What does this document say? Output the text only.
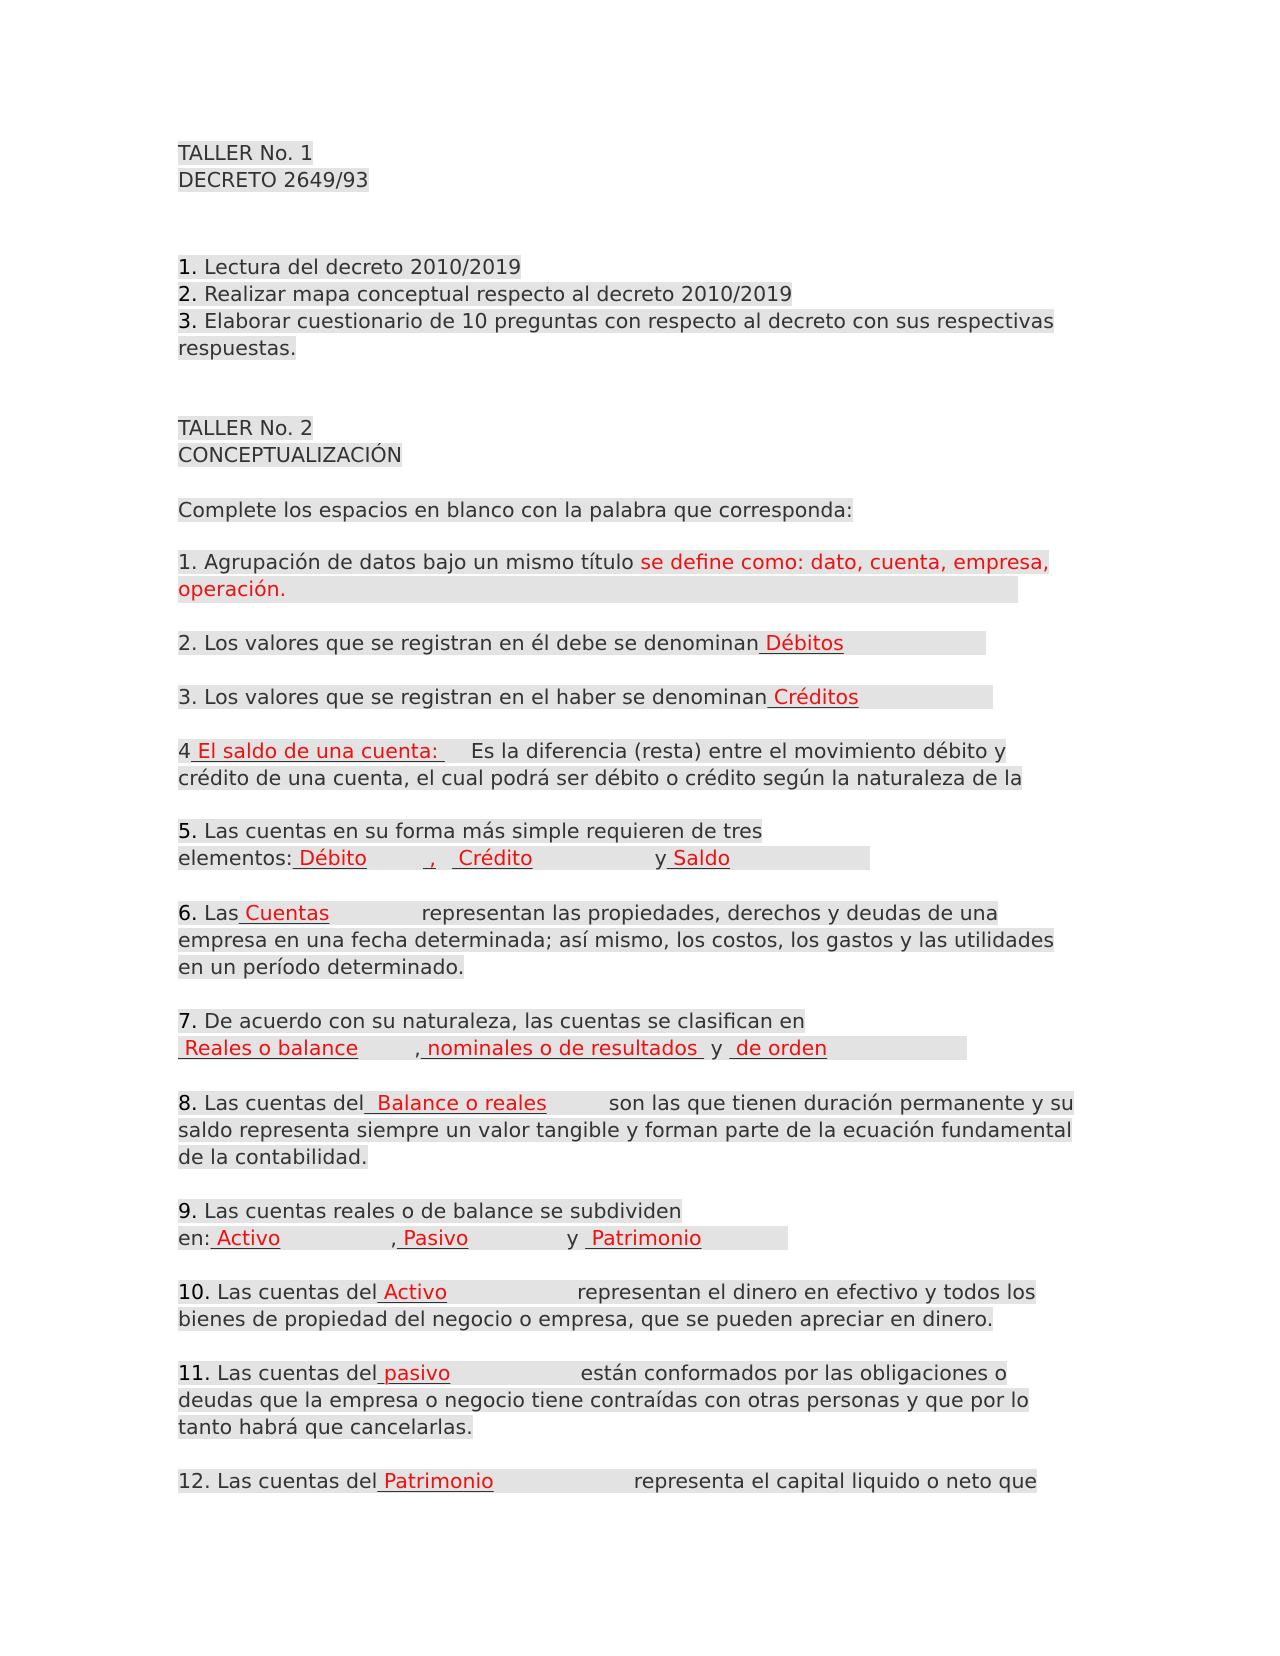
TALLER No. 1
DECRETO 2649/93
1. Lectura del decreto 2010/2019
2. Realizar mapa conceptual respecto al decreto 2010/2019
3. Elaborar cuestionario de 10 preguntas con respecto al decreto con sus respectivas
respuestas.
TALLER No. 2
CONCEPTUALIZACIÓN
Complete los espacios en blanco con la palabra que corresponda:
1. Agrupación de datos bajo un mismo título se define como: dato, cuenta, empresa,
operación.
2. Los valores que se registran en él debe se denominan Débitos
3. Los valores que se registran en el haber se denominan Créditos
4 El saldo de una cuenta: Es la diferencia (resta) entre el movimiento débito y
crédito de una cuenta, el cual podrá ser débito o crédito según la naturaleza de la
5. Las cuentas en su forma más simple requieren de tres
elementos: Débito	, Crédito	y Saldo
6. Las Cuentas	representan las propiedades, derechos y deudas de una
empresa en una fecha determinada; así mismo, los costos, los gastos y las utilidades
en un período determinado.
7. De acuerdo con su naturaleza, las cuentas se clasifican en
Reales o balance	, nominales o de resultados  y  de orden
8. Las cuentas del  Balance o reales	son las que tienen duración permanente y su
saldo representa siempre un valor tangible y forman parte de la ecuación fundamental
de la contabilidad.
9. Las cuentas reales o de balance se subdividen
en: Activo	, Pasivo	y  Patrimonio
10. Las cuentas del Activo	representan el dinero en efectivo y todos los
bienes de propiedad del negocio o empresa, que se pueden apreciar en dinero.
11. Las cuentas del pasivo	están conformados por las obligaciones o
deudas que la empresa o negocio tiene contraídas con otras personas y que por lo
tanto habrá que cancelarlas.
12. Las cuentas del Patrimonio	representa el capital liquido o neto que
